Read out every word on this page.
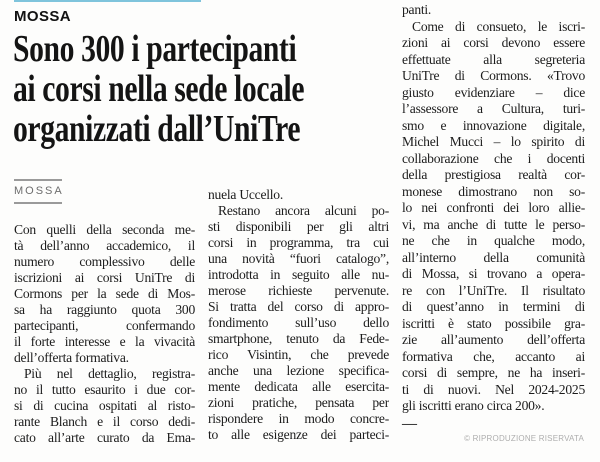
MOSSA
Sono 300 i partecipanti
ai corsi nella sede locale
organizzati dall’UniTre
MOSSA
Con quelli della seconda me-
tà dell’anno accademico, il
numero complessivo delle
iscrizioni ai corsi UniTre di
Cormons per la sede di Mos-
sa ha raggiunto quota 300
partecipanti, confermando
il forte interesse e la vivacità
dell’offerta formativa.
Più nel dettaglio, registra-
no il tutto esaurito i due cor-
si di cucina ospitati al risto-
rante Blanch e il corso dedi-
cato all’arte curato da Ema-
nuela Uccello.
Restano ancora alcuni po-
sti disponibili per gli altri
corsi in programma, tra cui
una novità “fuori catalogo”,
introdotta in seguito alle nu-
merose richieste pervenute.
Si tratta del corso di appro-
fondimento sull’uso dello
smartphone, tenuto da Fede-
rico Visintin, che prevede
anche una lezione specifica-
mente dedicata alle esercita-
zioni pratiche, pensata per
rispondere in modo concre-
to alle esigenze dei parteci-
panti.
Come di consueto, le iscri-
zioni ai corsi devono essere
effettuate alla segreteria
UniTre di Cormons. «Trovo
giusto evidenziare – dice
l’assessore a Cultura, turi-
smo e innovazione digitale,
Michel Mucci – lo spirito di
collaborazione che i docenti
della prestigiosa realtà cor-
monese dimostrano non so-
lo nei confronti dei loro allie-
vi, ma anche di tutte le perso-
ne che in qualche modo,
all’interno della comunità
di Mossa, si trovano a opera-
re con l’UniTre. Il risultato
di quest’anno in termini di
iscritti è stato possibile gra-
zie all’aumento dell’offerta
formativa che, accanto ai
corsi di sempre, ne ha inseri-
ti di nuovi. Nel 2024-2025
gli iscritti erano circa 200».
—
© RIPRODUZIONE RISERVATA
